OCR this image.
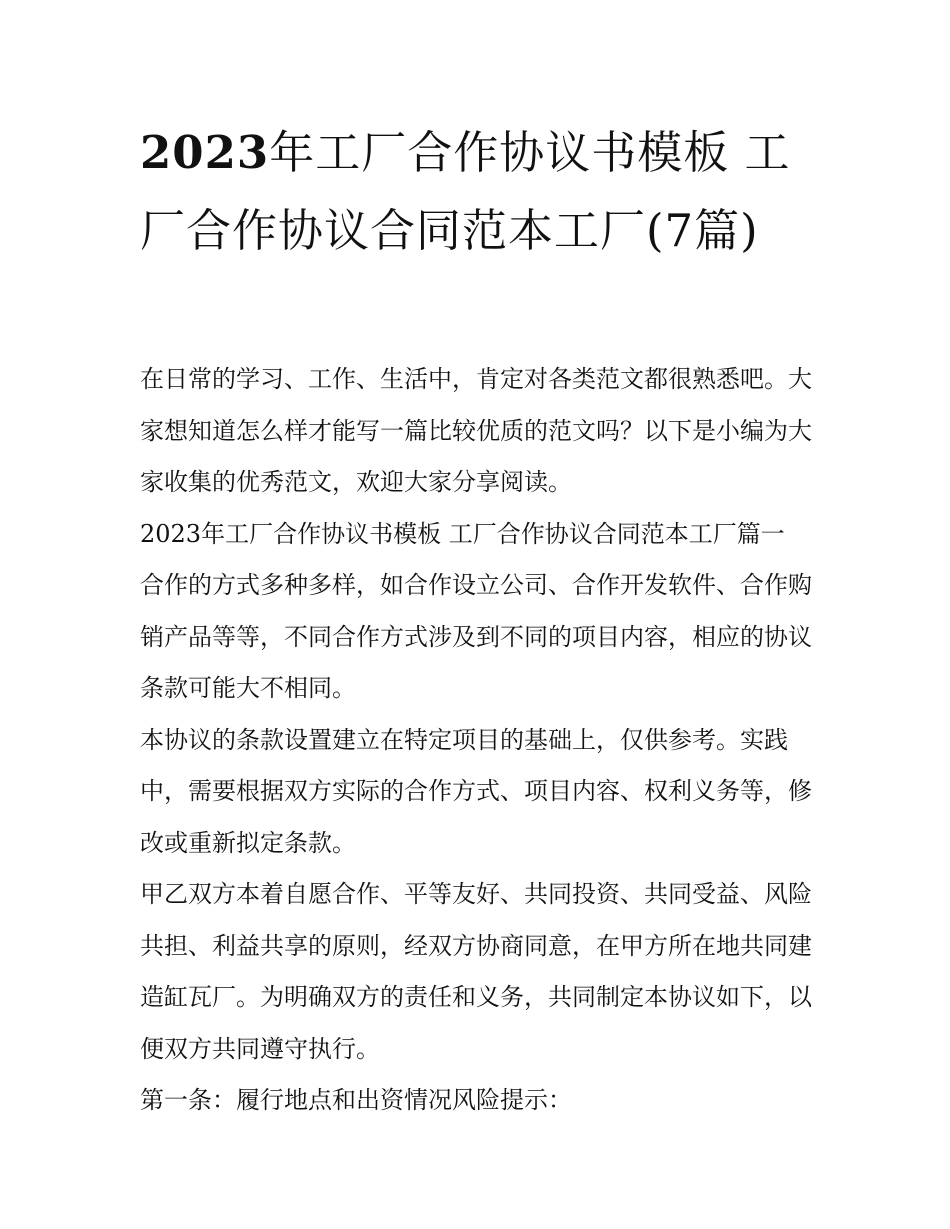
2023年工厂合作协议书模板 工厂合作协议合同范本工厂(7篇)

在日常的学习、工作、生活中，肯定对各类范文都很熟悉吧。大家想知道怎么样才能写一篇比较优质的范文吗？以下是小编为大家收集的优秀范文，欢迎大家分享阅读。

2023年工厂合作协议书模板 工厂合作协议合同范本工厂篇一

合作的方式多种多样，如合作设立公司、合作开发软件、合作购销产品等等，不同合作方式涉及到不同的项目内容，相应的协议条款可能大不相同。

本协议的条款设置建立在特定项目的基础上，仅供参考。实践中，需要根据双方实际的合作方式、项目内容、权利义务等，修改或重新拟定条款。

甲乙双方本着自愿合作、平等友好、共同投资、共同受益、风险共担、利益共享的原则，经双方协商同意，在甲方所在地共同建造缸瓦厂。为明确双方的责任和义务，共同制定本协议如下，以便双方共同遵守执行。

第一条：履行地点和出资情况风险提示：
